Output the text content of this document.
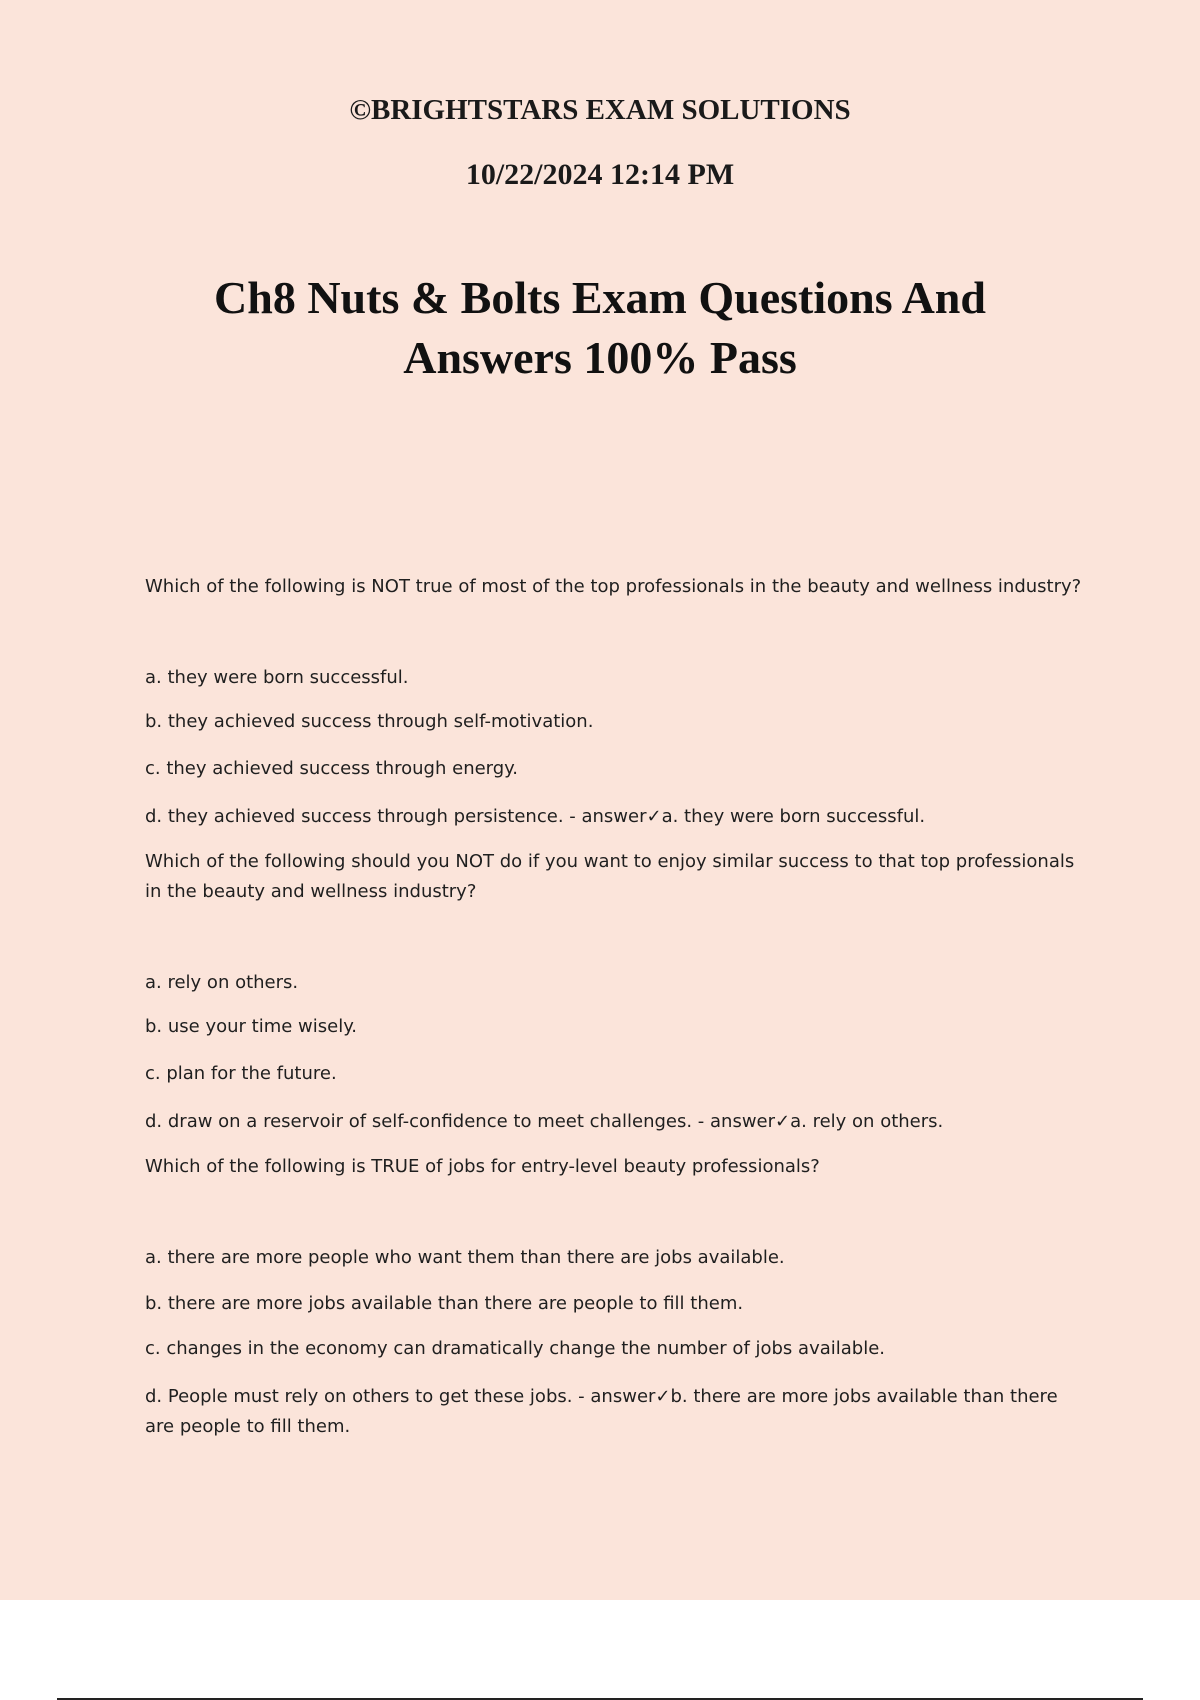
©BRIGHTSTARS EXAM SOLUTIONS
10/22/2024 12:14 PM
Ch8 Nuts & Bolts Exam Questions And Answers 100% Pass
Which of the following is NOT true of most of the top professionals in the beauty and wellness industry?
a. they were born successful.
b. they achieved success through self-motivation.
c. they achieved success through energy.
d. they achieved success through persistence. - answer✓a. they were born successful.
Which of the following should you NOT do if you want to enjoy similar success to that top professionals in the beauty and wellness industry?
a. rely on others.
b. use your time wisely.
c. plan for the future.
d. draw on a reservoir of self-confidence to meet challenges. - answer✓a. rely on others.
Which of the following is TRUE of jobs for entry-level beauty professionals?
a. there are more people who want them than there are jobs available.
b. there are more jobs available than there are people to fill them.
c. changes in the economy can dramatically change the number of jobs available.
d. People must rely on others to get these jobs. - answer✓b. there are more jobs available than there are people to fill them.
